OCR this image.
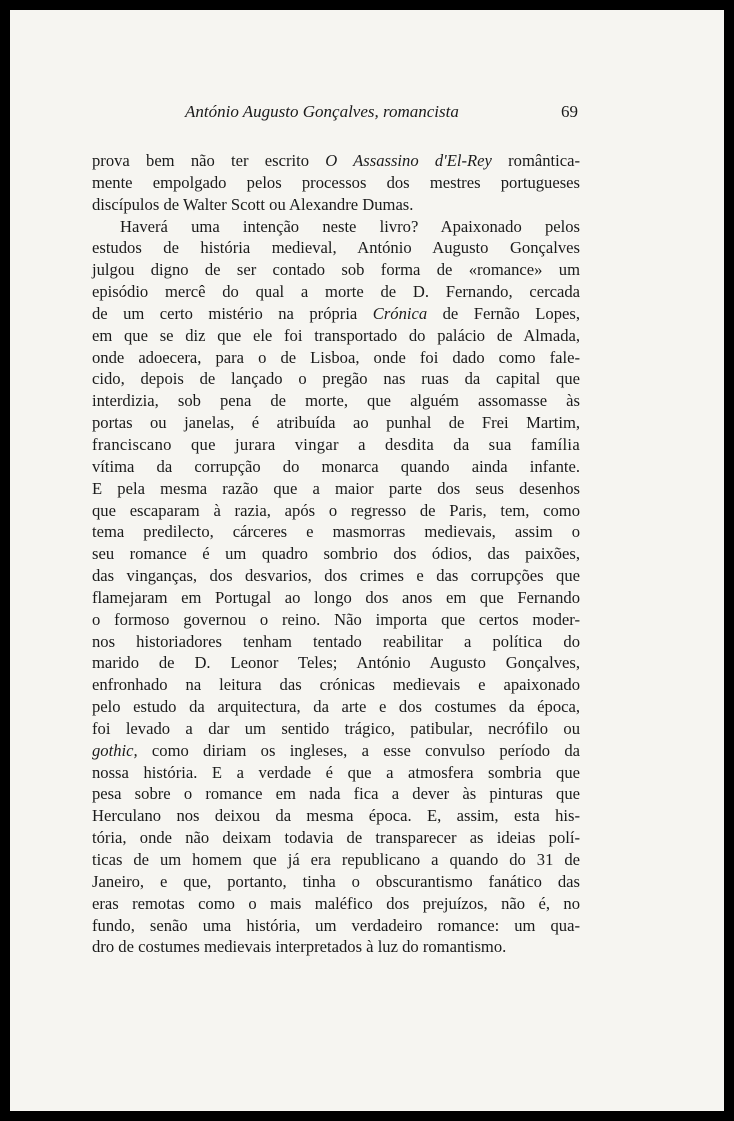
António Augusto Gonçalves, romancista	69
prova bem não ter escrito O Assassino d'El-Rey romântica-
mente empolgado pelos processos dos mestres portugueses
discípulos de Walter Scott ou Alexandre Dumas.
Haverá uma intenção neste livro? Apaixonado pelos
estudos de história medieval, António Augusto Gonçalves
julgou digno de ser contado sob forma de «romance» um
episódio mercê do qual a morte de D. Fernando, cercada
de um certo mistério na própria Crónica de Fernão Lopes,
em que se diz que ele foi transportado do palácio de Almada,
onde adoecera, para o de Lisboa, onde foi dado como fale-
cido, depois de lançado o pregão nas ruas da capital que
interdizia, sob pena de morte, que alguém assomasse às
portas ou janelas, é atribuída ao punhal de Frei Martim,
franciscano que jurara vingar a desdita da sua família
vítima da corrupção do monarca quando ainda infante.
E pela mesma razão que a maior parte dos seus desenhos
que escaparam à razia, após o regresso de Paris, tem, como
tema predilecto, cárceres e masmorras medievais, assim o
seu romance é um quadro sombrio dos ódios, das paixões,
das vinganças, dos desvarios, dos crimes e das corrupções que
flamejaram em Portugal ao longo dos anos em que Fernando
o formoso governou o reino. Não importa que certos moder-
nos historiadores tenham tentado reabilitar a política do
marido de D. Leonor Teles; António Augusto Gonçalves,
enfronhado na leitura das crónicas medievais e apaixonado
pelo estudo da arquitectura, da arte e dos costumes da época,
foi levado a dar um sentido trágico, patibular, necrófilo ou
gothic, como diriam os ingleses, a esse convulso período da
nossa história. E a verdade é que a atmosfera sombria que
pesa sobre o romance em nada fica a dever às pinturas que
Herculano nos deixou da mesma época. E, assim, esta his-
tória, onde não deixam todavia de transparecer as ideias polí-
ticas de um homem que já era republicano a quando do 31 de
Janeiro, e que, portanto, tinha o obscurantismo fanático das
eras remotas como o mais maléfico dos prejuízos, não é, no
fundo, senão uma história, um verdadeiro romance: um qua-
dro de costumes medievais interpretados à luz do romantismo.
